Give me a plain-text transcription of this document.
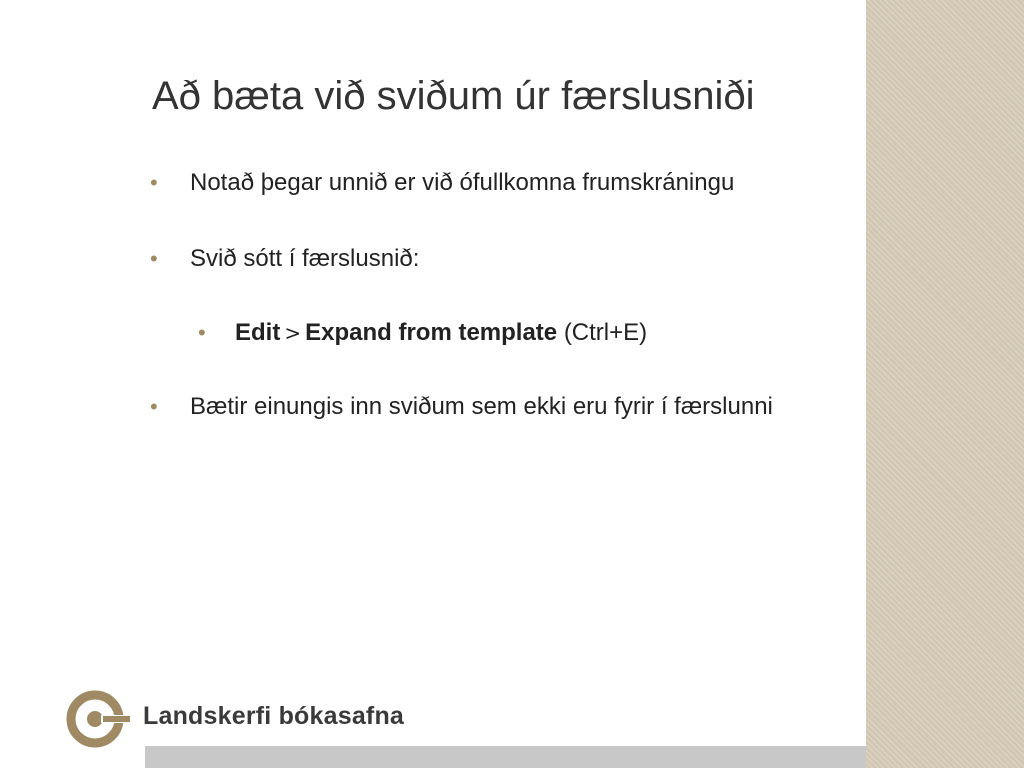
Að bæta við sviðum úr færslusniði
• Notað þegar unnið er við ófullkomna frumskráningu
• Svið sótt í færslusnið:
• Edit > Expand from template (Ctrl+E)
• Bætir einungis inn sviðum sem ekki eru fyrir í færslunni
Landskerfi bókasafna
